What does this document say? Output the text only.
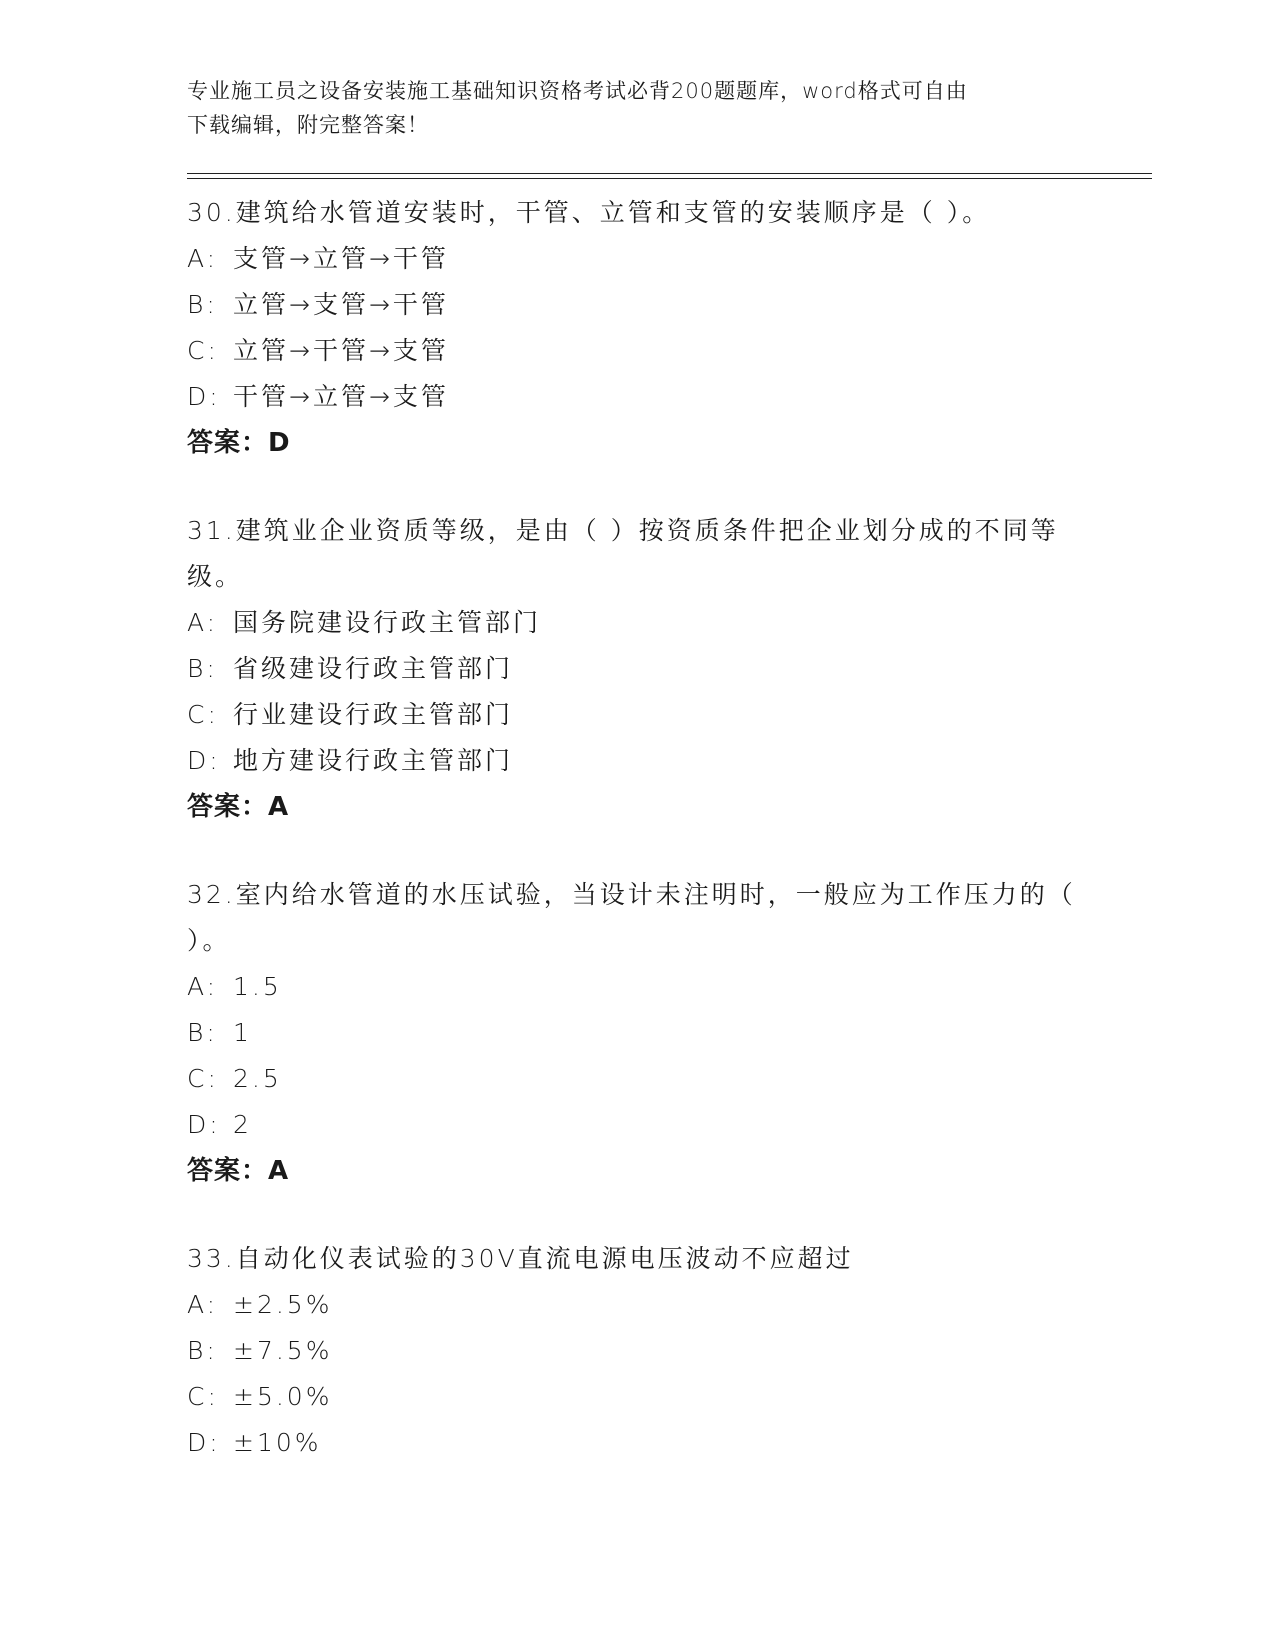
专业施工员之设备安装施工基础知识资格考试必背200题题库，word格式可自由
下载编辑，附完整答案！

30.建筑给水管道安装时，干管、立管和支管的安装顺序是（ ）。

A: 支管→立管→干管

B: 立管→支管→干管

C: 立管→干管→支管

D: 干管→立管→支管

答案：D

31.建筑业企业资质等级，是由（ ）按资质条件把企业划分成的不同等级。

A: 国务院建设行政主管部门

B: 省级建设行政主管部门

C: 行业建设行政主管部门

D: 地方建设行政主管部门

答案：A

32.室内给水管道的水压试验，当设计未注明时，一般应为工作压力的（ ）。

A: 1.5

B: 1

C: 2.5

D: 2

答案：A

33.自动化仪表试验的30V直流电源电压波动不应超过

A: ±2.5%

B: ±7.5%

C: ±5.0%

D: ±10%
